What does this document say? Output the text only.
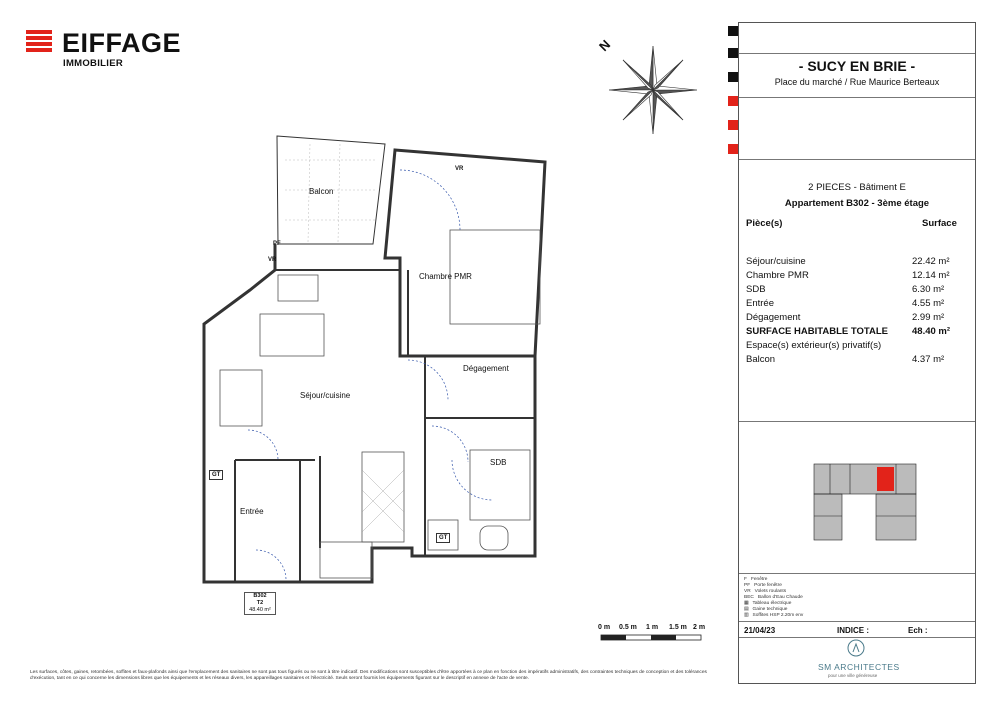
EIFFAGE
IMMOBILIER
N
Balcon
Chambre PMR
Dégagement
Séjour/cuisine
SDB
Entrée
PF
VR
VR
GT
GT
B302
T2
48.40 m²
0 m 0.5 m 1 m 1.5 m 2 m
Les surfaces, côtes, gaines, retombées, soffites et faux-plafonds ainsi que l'emplacement des sanitaires ne sont pas tous figurés ou ne sont à titre indicatif. Des modifications sont susceptibles d'être apportées à ce plan en fonction des impératifs administratifs, des contraintes techniques de conception et des tolérances d'exécution, tant en ce qui concerne les dimensions libres que les équipements et les réseaux divers, les appareillages sanitaires et l'électricité. Seuls seront fournis les équipements figurant sur le descriptif en annexe de l'acte de vente.
- SUCY EN BRIE -
Place du marché / Rue Maurice Berteaux
2 PIECES - Bâtiment E
Appartement B302 - 3ème étage
Pièce(s)	Surface
Séjour/cuisine	22.42 m²
Chambre PMR	12.14 m²
SDB	6.30 m²
Entrée	4.55 m²
Dégagement	2.99 m²
SURFACE HABITABLE TOTALE	48.40 m²
Espace(s) extérieur(s) privatif(s)
Balcon	4.37 m²
F Fenêtre
PF Porte fenêtre
VR Volets roulants
BEC Ballon d'Eau Chaude
▦   Tableau électrique
▤   Gaine technique
▥   Soffites HSP 2.20m env
21/04/23	INDICE :	Ech :
SM ARCHITECTES
pour une ville généreuse
